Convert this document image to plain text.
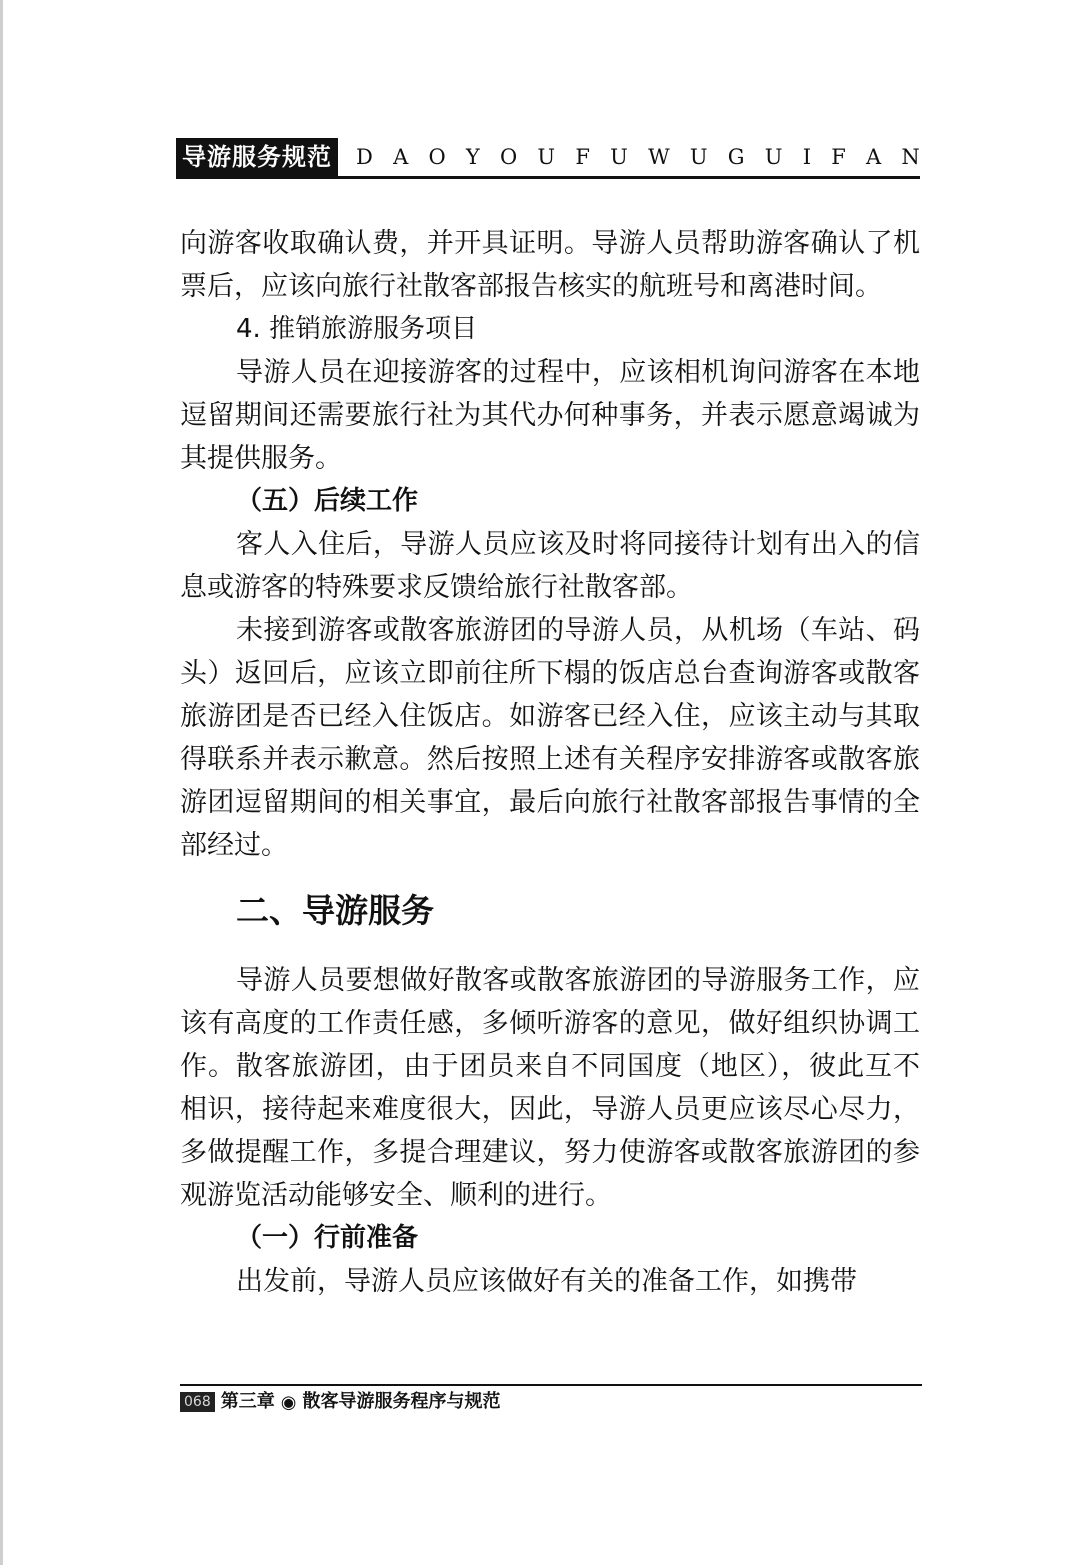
导游服务规范 D A O Y O U F U W U G U I F A N

向游客收取确认费，并开具证明。导游人员帮助游客确认了机票后，应该向旅行社散客部报告核实的航班号和离港时间。

4. 推销旅游服务项目

导游人员在迎接游客的过程中，应该相机询问游客在本地逗留期间还需要旅行社为其代办何种事务，并表示愿意竭诚为其提供服务。

（五）后续工作

客人入住后，导游人员应该及时将同接待计划有出入的信息或游客的特殊要求反馈给旅行社散客部。

未接到游客或散客旅游团的导游人员，从机场（车站、码头）返回后，应该立即前往所下榻的饭店总台查询游客或散客旅游团是否已经入住饭店。如游客已经入住，应该主动与其取得联系并表示歉意。然后按照上述有关程序安排游客或散客旅游团逗留期间的相关事宜，最后向旅行社散客部报告事情的全部经过。

二、导游服务

导游人员要想做好散客或散客旅游团的导游服务工作，应该有高度的工作责任感，多倾听游客的意见，做好组织协调工作。散客旅游团，由于团员来自不同国度（地区），彼此互不相识，接待起来难度很大，因此，导游人员更应该尽心尽力，多做提醒工作，多提合理建议，努力使游客或散客旅游团的参观游览活动能够安全、顺利的进行。

（一）行前准备

出发前，导游人员应该做好有关的准备工作，如携带

068 第三章 ◉ 散客导游服务程序与规范
